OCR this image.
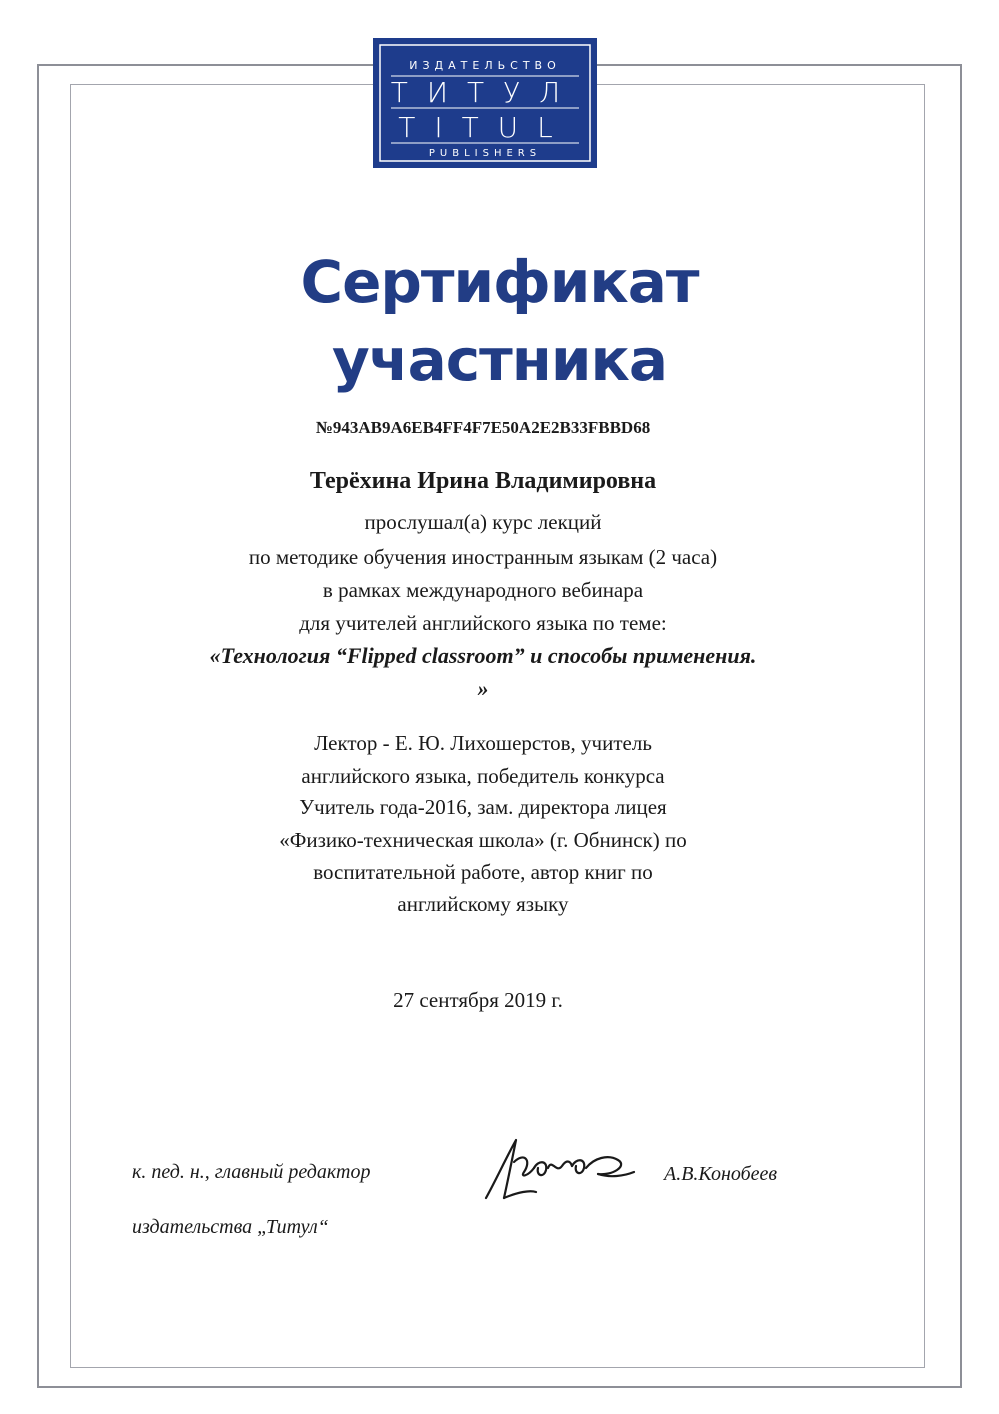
ИЗДАТЕЛЬСТВО
ТИТУЛ
TITUL
PUBLISHERS
Сертификат
участника
№943AB9A6EB4FF4F7E50A2E2B33FBBD68
Терёхина Ирина Владимировна
прослушал(а) курс лекций
по методике обучения иностранным языкам (2 часа)
в рамках международного вебинара
для учителей английского языка по теме:
«Технология “Flipped classroom” и способы применения.
»
Лектор - Е. Ю. Лихошерстов, учитель
английского языка, победитель конкурса
Учитель года-2016, зам. директора лицея
«Физико-техническая школа» (г. Обнинск) по
воспитательной работе, автор книг по
английскому языку
27 сентября 2019 г.
к. пед. н., главный редактор
издательства „Титул“
А.В.Конобеев
